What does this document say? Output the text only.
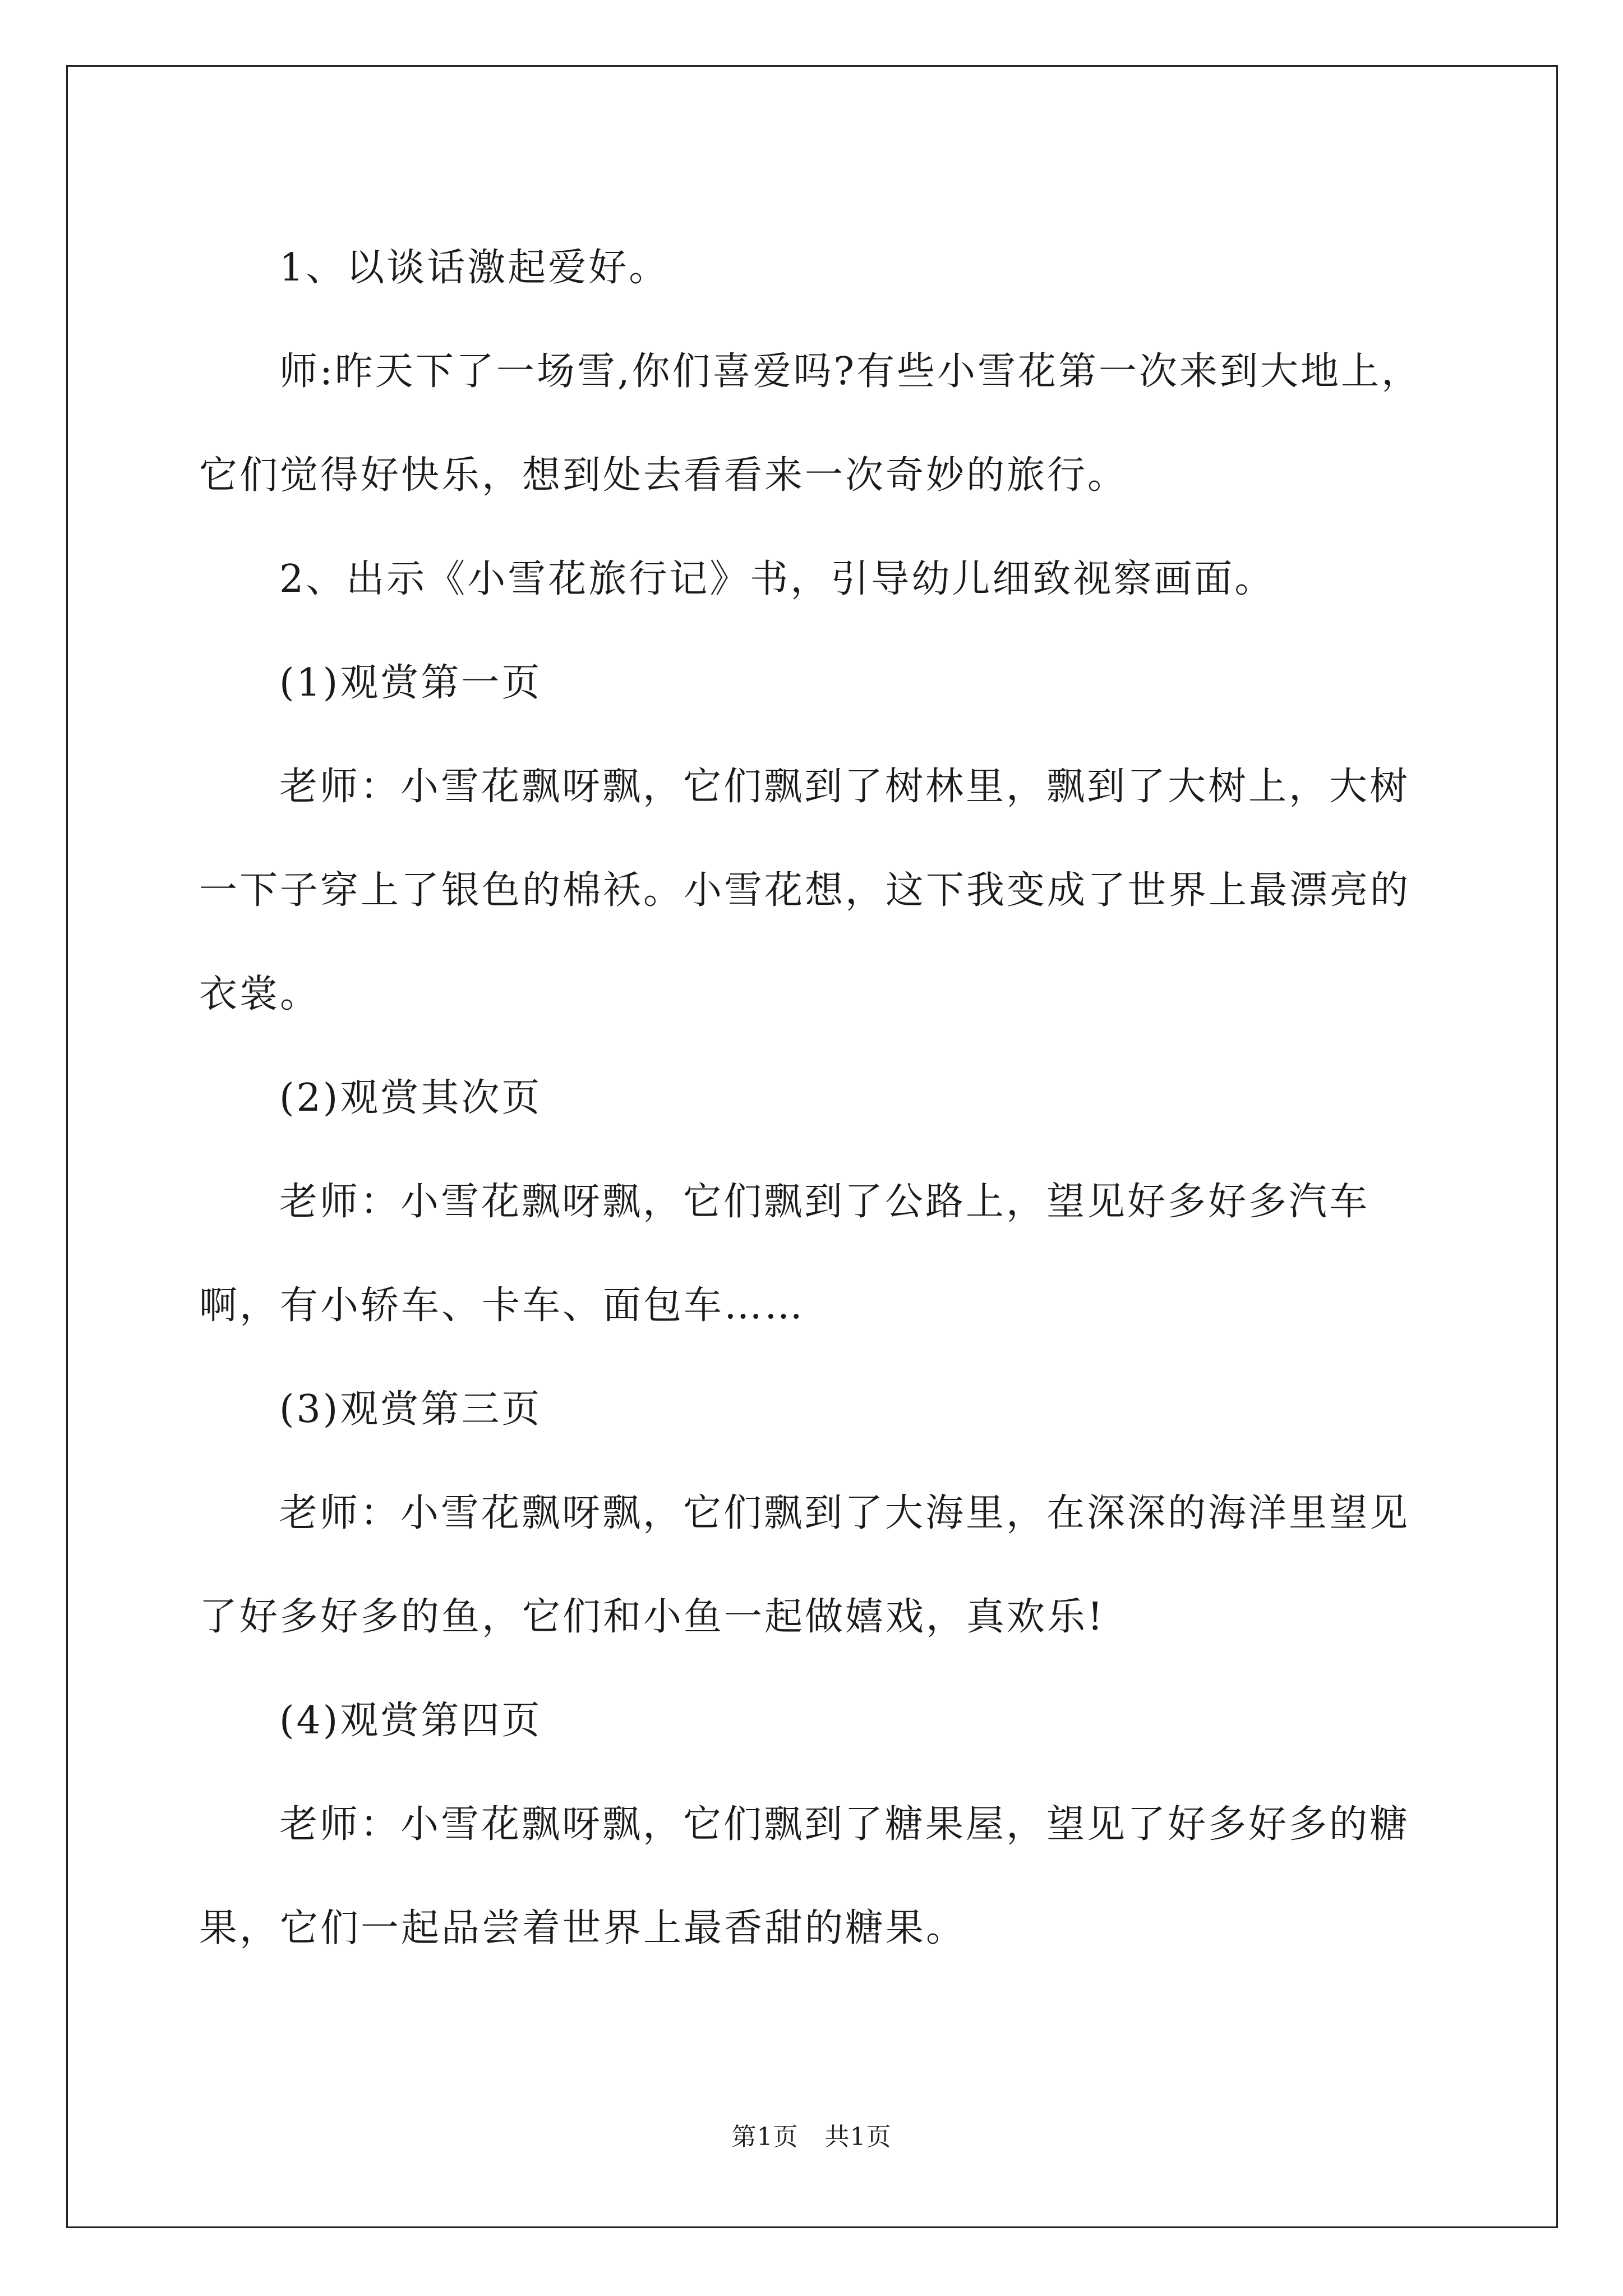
1、以谈话激起爱好。

师:昨天下了一场雪,你们喜爱吗?有些小雪花第一次来到大地上，它们觉得好快乐，想到处去看看来一次奇妙的旅行。

2、出示《小雪花旅行记》书，引导幼儿细致视察画面。

(1)观赏第一页

老师：小雪花飘呀飘，它们飘到了树林里，飘到了大树上，大树一下子穿上了银色的棉袄。小雪花想，这下我变成了世界上最漂亮的衣裳。

(2)观赏其次页

老师：小雪花飘呀飘，它们飘到了公路上，望见好多好多汽车啊，有小轿车、卡车、面包车……

(3)观赏第三页

老师：小雪花飘呀飘，它们飘到了大海里，在深深的海洋里望见了好多好多的鱼，它们和小鱼一起做嬉戏，真欢乐!

(4)观赏第四页

老师：小雪花飘呀飘，它们飘到了糖果屋，望见了好多好多的糖果，它们一起品尝着世界上最香甜的糖果。

第1页 共1页
